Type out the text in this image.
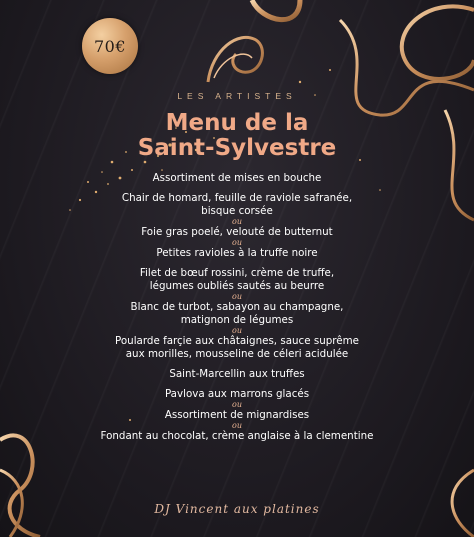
70€
LES ARTISTES
Menu de la
Saint-Sylvestre
Assortiment de mises en bouche
Chair de homard, feuille de raviole safranée,
bisque corsée
ou
Foie gras poelé, velouté de butternut
ou
Petites ravioles à la truffe noire
Filet de bœuf rossini, crème de truffe,
légumes oubliés sautés au beurre
ou
Blanc de turbot, sabayon au champagne,
matignon de légumes
ou
Poularde farçie aux châtaignes, sauce suprême
aux morilles, mousseline de céleri acidulée
Saint-Marcellin aux truffes
Pavlova aux marrons glacés
ou
Assortiment de mignardises
ou
Fondant au chocolat, crème anglaise à la clementine
DJ Vincent aux platines
